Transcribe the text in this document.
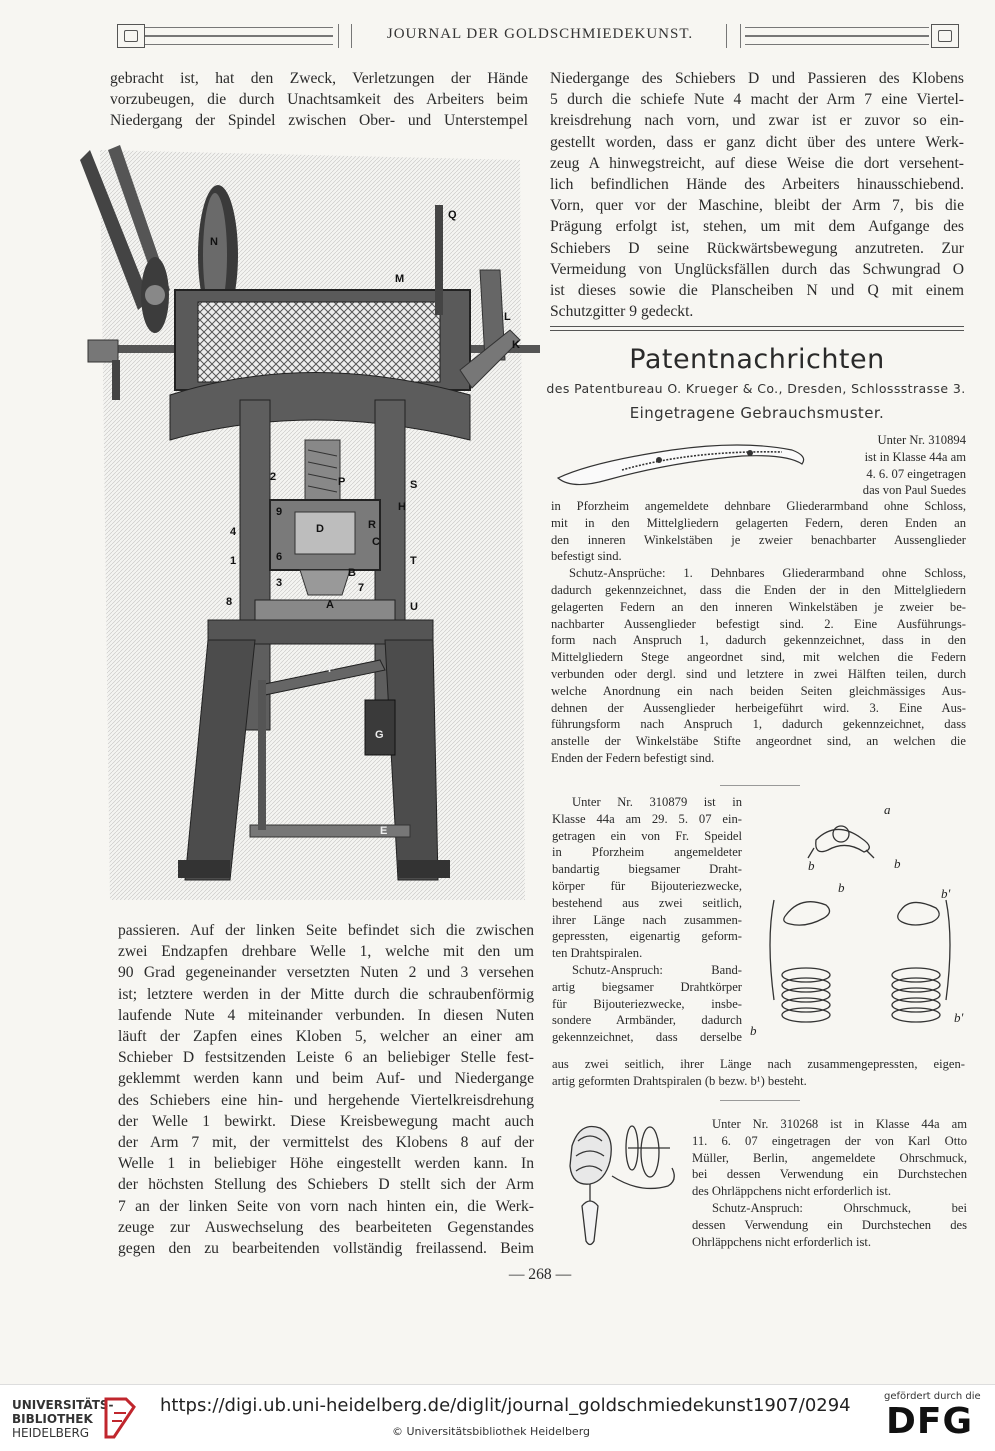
JOURNAL DER GOLDSCHMIEDEKUNST.
gebracht ist, hat den Zweck, Verletzungen der Hände
vorzubeugen, die durch Unachtsamkeit des Arbeiters beim
Niedergang der Spindel zwischen Ober- und Unterstempel
N
Q
M
L
K
P	S
H
D	R
C
2
4
1
3
8
T
B
7
A	U
E
F
G
9
6
passieren. Auf der linken Seite befindet sich die zwischen
zwei Endzapfen drehbare Welle 1, welche mit den um
90 Grad gegeneinander versetzten Nuten 2 und 3 versehen
ist; letztere werden in der Mitte durch die schraubenförmig
laufende Nute 4 miteinander verbunden. In diesen Nuten
läuft der Zapfen eines Kloben 5, welcher an einer am
Schieber D festsitzenden Leiste 6 an beliebiger Stelle fest-
geklemmt werden kann und beim Auf- und Niedergange
des Schiebers eine hin- und hergehende Viertelkreisdrehung
der Welle 1 bewirkt. Diese Kreisbewegung macht auch
der Arm 7 mit, der vermittelst des Klobens 8 auf der
Welle 1 in beliebiger Höhe eingestellt werden kann. In
der höchsten Stellung des Schiebers D stellt sich der Arm
7 an der linken Seite von vorn nach hinten ein, die Werk-
zeuge zur Auswechselung des bearbeiteten Gegenstandes
gegen den zu bearbeitenden vollständig freilassend. Beim
Niedergange des Schiebers D und Passieren des Klobens
5 durch die schiefe Nute 4 macht der Arm 7 eine Viertel-
kreisdrehung nach vorn, und zwar ist er zuvor so ein-
gestellt worden, dass er ganz dicht über des untere Werk-
zeug A hinwegstreicht, auf diese Weise die dort versehent-
lich befindlichen Hände des Arbeiters hinausschiebend.
Vorn, quer vor der Maschine, bleibt der Arm 7, bis die
Prägung erfolgt ist, stehen, um mit dem Aufgange des
Schiebers D seine Rückwärtsbewegung anzutreten. Zur
Vermeidung von Unglücksfällen durch das Schwungrad O
ist dieses sowie die Planscheiben N und Q mit einem
Schutzgitter 9 gedeckt.
Patentnachrichten
des Patentbureau O. Krueger & Co., Dresden, Schlossstrasse 3.
Eingetragene Gebrauchsmuster.
Unter Nr. 310894
ist in Klasse 44a am
4. 6. 07 eingetragen
das von Paul Suedes
in Pforzheim angemeldete dehnbare Gliederarmband ohne Schloss,
mit in den Mittelgliedern gelagerten Federn, deren Enden an
den inneren Winkelstäben je zweier benachbarter Aussenglieder
befestigt sind.
Schutz-Ansprüche: 1. Dehnbares Gliederarmband ohne Schloss,
dadurch gekennzeichnet, dass die Enden der in den Mittelgliedern
gelagerten Federn an den inneren Winkelstäben je zweier be-
nachbarter Aussenglieder befestigt sind. 2. Eine Ausführungs-
form nach Anspruch 1, dadurch gekennzeichnet, dass in den
Mittelgliedern Stege angeordnet sind, mit welchen die Federn
verbunden oder dergl. sind und letztere in zwei Hälften teilen, durch
welche Anordnung ein nach beiden Seiten gleichmässiges Aus-
dehnen der Aussenglieder herbeigeführt wird. 3. Eine Aus-
führungsform nach Anspruch 1, dadurch gekennzeichnet, dass
anstelle der Winkelstäbe Stifte angeordnet sind, an welchen die
Enden der Federn befestigt sind.
Unter Nr. 310879 ist in
Klasse 44a am 29. 5. 07 ein-
getragen ein von Fr. Speidel
in Pforzheim angemeldeter
bandartig biegsamer Draht-
körper für Bijouteriezwecke,
bestehend aus zwei seitlich,
ihrer Länge nach zusammen-
gepressten, eigenartig geform-
ten Drahtspiralen.
Schutz-Anspruch: Band-
artig biegsamer Drahtkörper
für Bijouteriezwecke, insbe-
sondere Armbänder, dadurch
gekennzeichnet, dass derselbe
a
b	b
b	b'
b
b'
aus zwei seitlich, ihrer Länge nach zusammengepressten, eigen-
artig geformten Drahtspiralen (b bezw. b¹) besteht.
Unter Nr. 310268 ist in Klasse 44a am
11. 6. 07 eingetragen der von Karl Otto
Müller, Berlin, angemeldete Ohrschmuck,
bei dessen Verwendung ein Durchstechen
des Ohrläppchens nicht erforderlich ist.
Schutz-Anspruch: Ohrschmuck, bei
dessen Verwendung ein Durchstechen des
Ohrläppchens nicht erforderlich ist.
— 268 —
UNIVERSITÄTS-
BIBLIOTHEK
HEIDELBERG
https://digi.ub.uni-heidelberg.de/diglit/journal_goldschmiedekunst1907/0294
© Universitätsbibliothek Heidelberg
gefördert durch die
DFG
